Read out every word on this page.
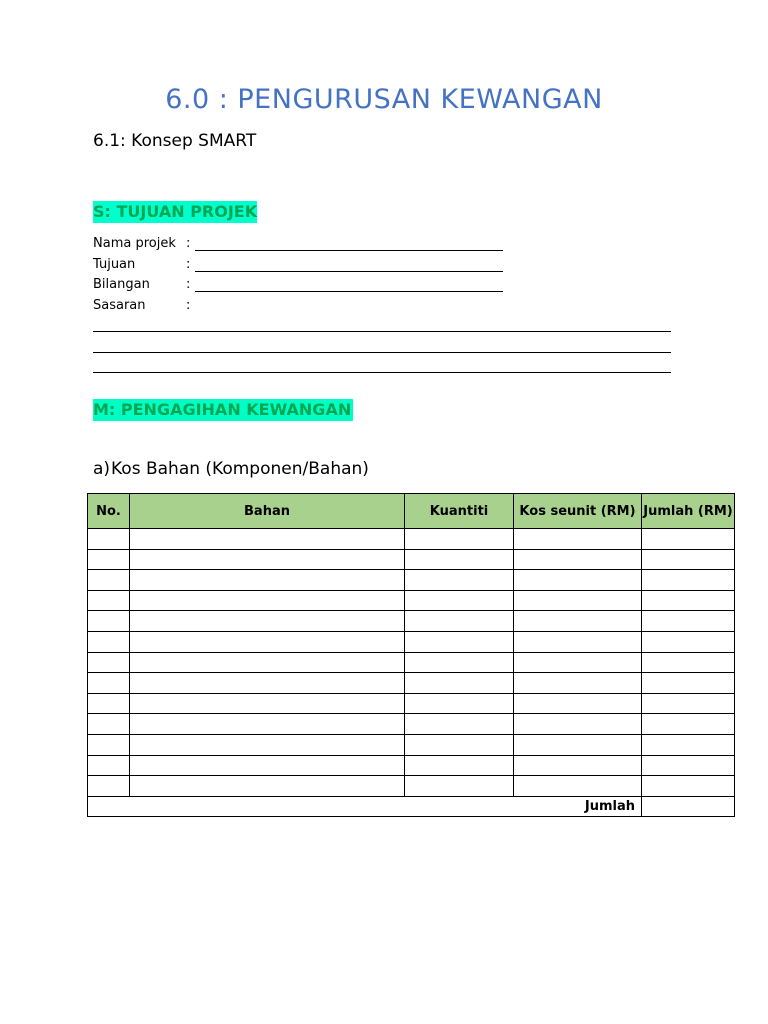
6.0 : PENGURUSAN KEWANGAN
6.1: Konsep SMART
S: TUJUAN PROJEK
Nama projek :
Tujuan	:
Bilangan	:
Sasaran	:
M: PENGAGIHAN KEWANGAN
a)Kos Bahan (Komponen/Bahan)
No.	Bahan	Kuantiti	Kos seunit (RM)	Jumlah (RM)

Jumlah				
